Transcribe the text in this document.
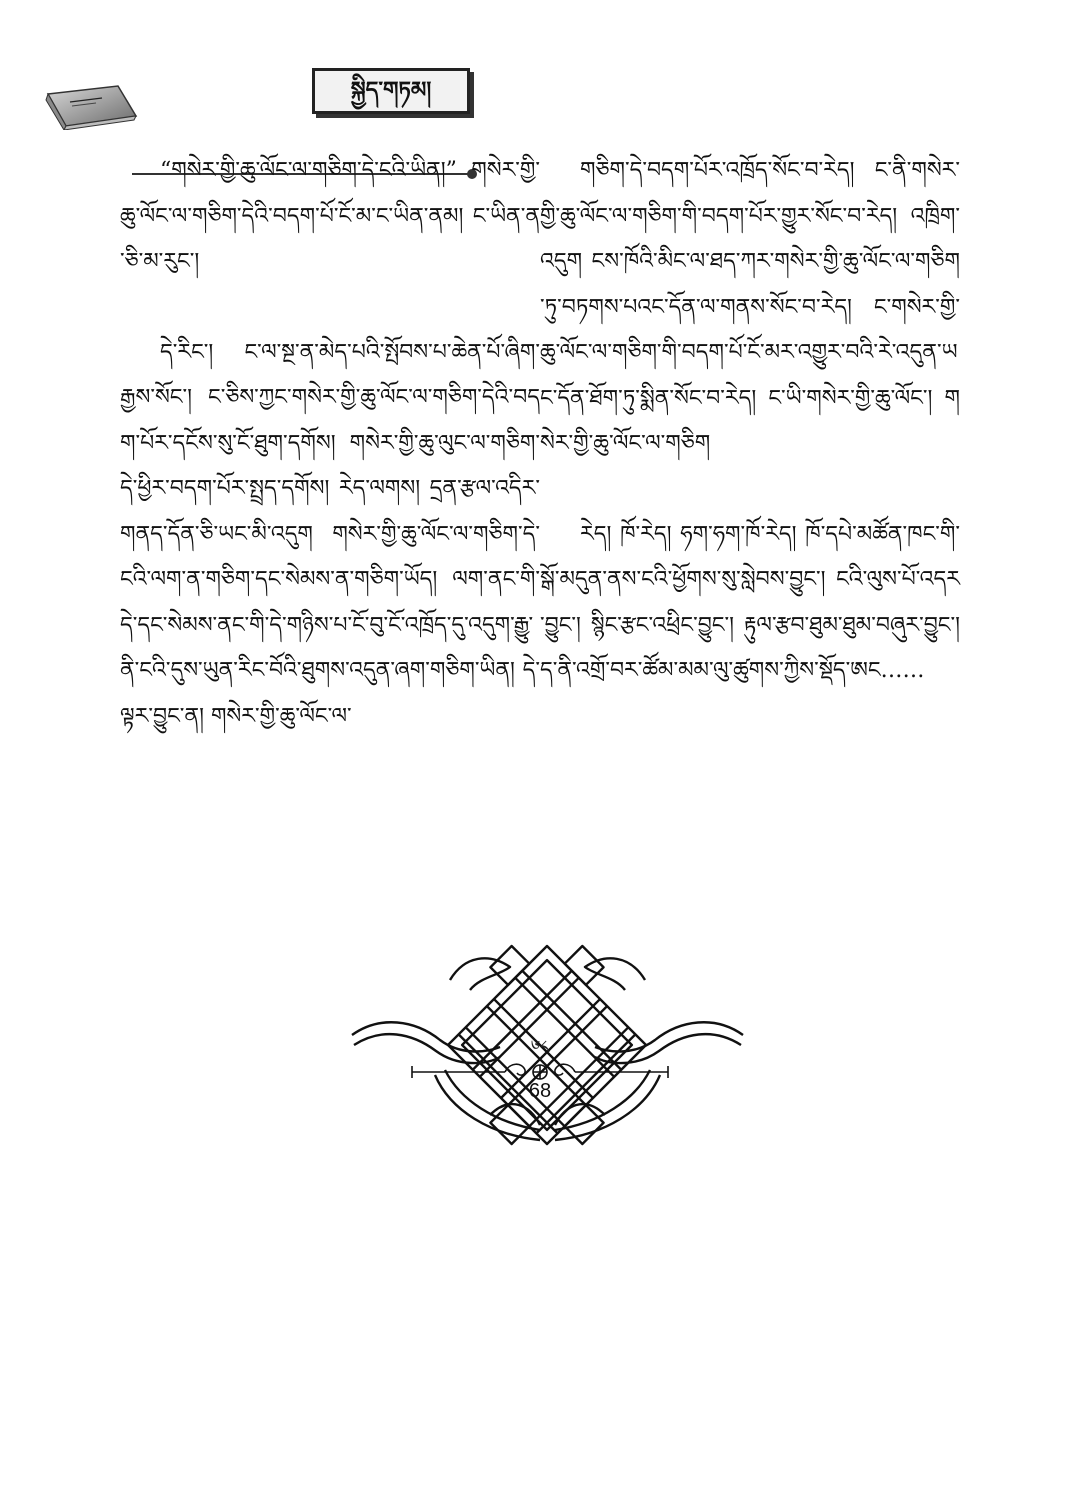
སྐྱིད་གཏམ།

“གསེར་གྱི་ཆུ་ལོང་ལ་གཅིག་དེ་ངའི་ཡིན།” གསེར་གྱི་ཆུ་ལོང་ལ་གཅིག་དེའི་བདག་པོ་ངོ་མ་ང་ཡིན་ནམ། ང་ཡིན་ན་ཅི་མ་རུང་།

དེ་རིང་། ང་ལ་སྔ་ན་མེད་པའི་སྤོབས་པ་ཆེན་པོ་ཞིག་རྒྱས་སོང་། ང་ཅིས་ཀྱང་གསེར་གྱི་ཆུ་ལོང་ལ་གཅིག་དེའི་བདག་པོར་དངོས་སུ་ངོ་ཐུག་དགོས། གསེར་གྱི་ཆུ་ལུང་ལ་གཅིག་དེ་ཕྱིར་བདག་པོར་སྤྲད་དགོས། རེད་ལགས། དྲན་རྩལ་འདིར་གནད་དོན་ཅི་ཡང་མི་འདུག གསེར་གྱི་ཆུ་ལོང་ལ་གཅིག་དེ་ངའི་ལག་ན་གཅིག་དང་སེམས་ན་གཅིག་ཡོད། ལག་ནང་གི་དེ་དང་སེམས་ནང་གི་དེ་གཉིས་པ་ངོ་བུ་ངོ་འཁྲོད་དུ་འདུག་རྒྱུ་ནི་ངའི་དུས་ཡུན་རིང་བོའི་ཐུགས་འདུན་ཞག་གཅིག་ཡིན། དེ་ལྟར་བྱུང་ན། གསེར་གྱི་ཆུ་ལོང་ལ་

གཅིག་དེ་བདག་པོར་འཁྲོད་སོང་བ་རེད། ང་ནི་གསེར་གྱི་ཆུ་ལོང་ལ་གཅིག་གི་བདག་པོར་གྱུར་སོང་བ་རེད། འཁྲིག་འདུག ངས་ཁོའི་མིང་ལ་ཐད་ཀར་གསེར་གྱི་ཆུ་ལོང་ལ་གཅིག་ཏུ་བཏགས་པའང་དོན་ལ་གནས་སོང་བ་རེད། ང་གསེར་གྱི་ཆུ་ལོང་ལ་གཅིག་གི་བདག་པོ་ངོ་མར་འགྱུར་བའི་རེ་འདུན་ཡང་དོན་ཐོག་ཏུ་སྨིན་སོང་བ་རེད། ང་ཡི་གསེར་གྱི་ཆུ་ལོང་། གསེར་གྱི་ཆུ་ལོང་ལ་གཅིག

རེད། ཁོ་རེད། ཧག་ཧག་ཁོ་རེད། ཁོ་དཔེ་མཚོན་ཁང་གི་སྒོ་མདུན་ནས་ངའི་ཕྱོགས་སུ་སླེབས་བྱུང་། ངའི་ལུས་པོ་འདར་བྱུང་། སྙིང་རྩང་འཕྲིང་བྱུང་། རྟུལ་རྩབ་ཐུམ་ཐུམ་བཞུར་བྱུང་། ད་ནི་འགྲོ་བར་ཚོམ་མམ་ལུ་ཚུགས་ཀྱིས་སྡོད་ཨང……

༦༨
68
